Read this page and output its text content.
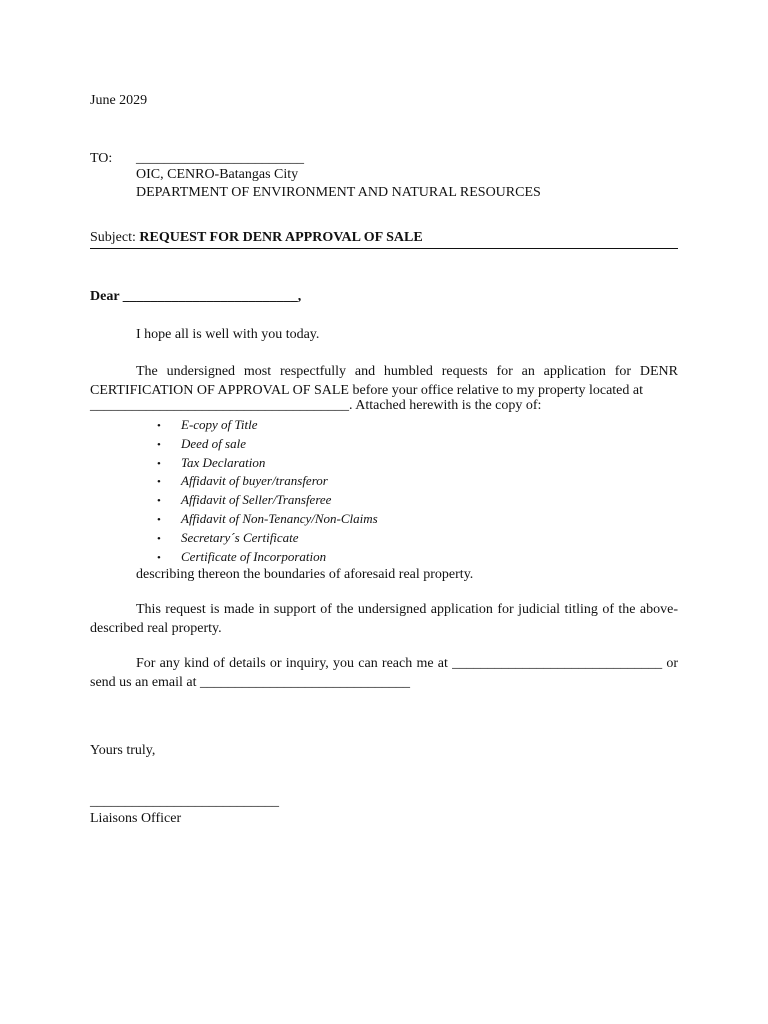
June 2029
TO: ________________________
OIC, CENRO-Batangas City
DEPARTMENT OF ENVIRONMENT AND NATURAL RESOURCES
Subject: REQUEST FOR DENR APPROVAL OF SALE
Dear _________________________,
I hope all is well with you today.
The undersigned most respectfully and humbled requests for an application for DENR CERTIFICATION OF APPROVAL OF SALE before your office relative to my property located at
_____________________________________. Attached herewith is the copy of:
• E-copy of Title
• Deed of sale
• Tax Declaration
• Affidavit of buyer/transferor
• Affidavit of Seller/Transferee
• Affidavit of Non-Tenancy/Non-Claims
• Secretary´s Certificate
• Certificate of Incorporation
describing thereon the boundaries of aforesaid real property.
This request is made in support of the undersigned application for judicial titling of the above-described real property.
For any kind of details or inquiry, you can reach me at ______________________________ or send us an email at ______________________________
Yours truly,
___________________________
Liaisons Officer
